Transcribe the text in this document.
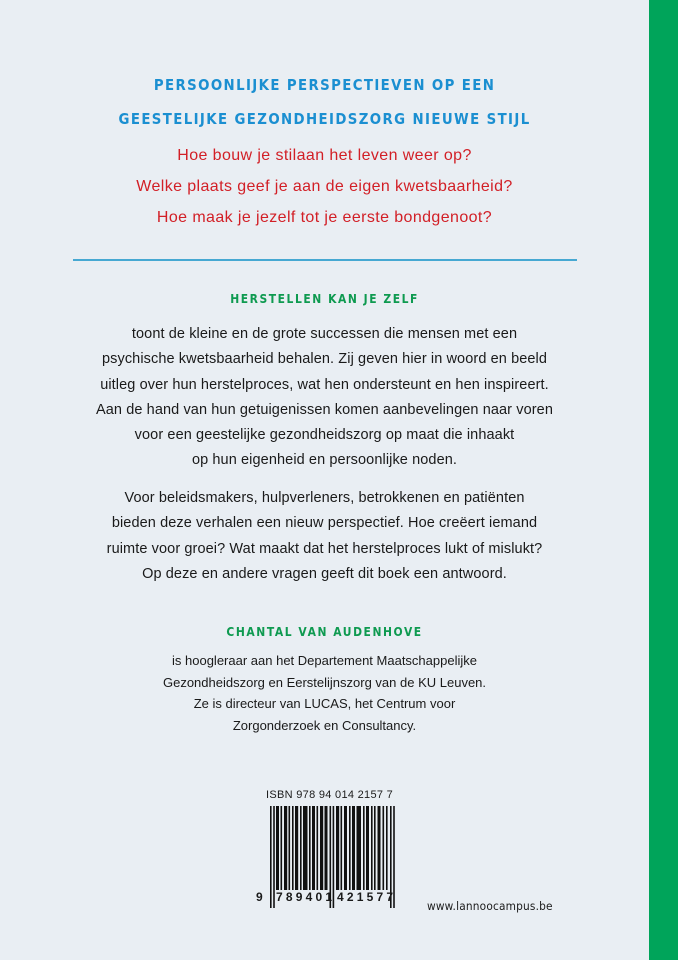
PERSOONLIJKE PERSPECTIEVEN OP EEN
GEESTELIJKE GEZONDHEIDSZORG NIEUWE STIJL
Hoe bouw je stilaan het leven weer op?
Welke plaats geef je aan de eigen kwetsbaarheid?
Hoe maak je jezelf tot je eerste bondgenoot?
HERSTELLEN KAN JE ZELF
toont de kleine en de grote successen die mensen met een
psychische kwetsbaarheid behalen. Zij geven hier in woord en beeld
uitleg over hun herstelproces, wat hen ondersteunt en hen inspireert.
Aan de hand van hun getuigenissen komen aanbevelingen naar voren
voor een geestelijke gezondheidszorg op maat die inhaakt
op hun eigenheid en persoonlijke noden.
Voor beleidsmakers, hulpverleners, betrokkenen en patiënten
bieden deze verhalen een nieuw perspectief. Hoe creëert iemand
ruimte voor groei? Wat maakt dat het herstelproces lukt of mislukt?
Op deze en andere vragen geeft dit boek een antwoord.
CHANTAL VAN AUDENHOVE
is hoogleraar aan het Departement Maatschappelijke
Gezondheidszorg en Eerstelijnszorg van de KU Leuven.
Ze is directeur van LUCAS, het Centrum voor
Zorgonderzoek en Consultancy.
ISBN 978 94 014 2157 7
9 789401 421577
www.lannoocampus.be
